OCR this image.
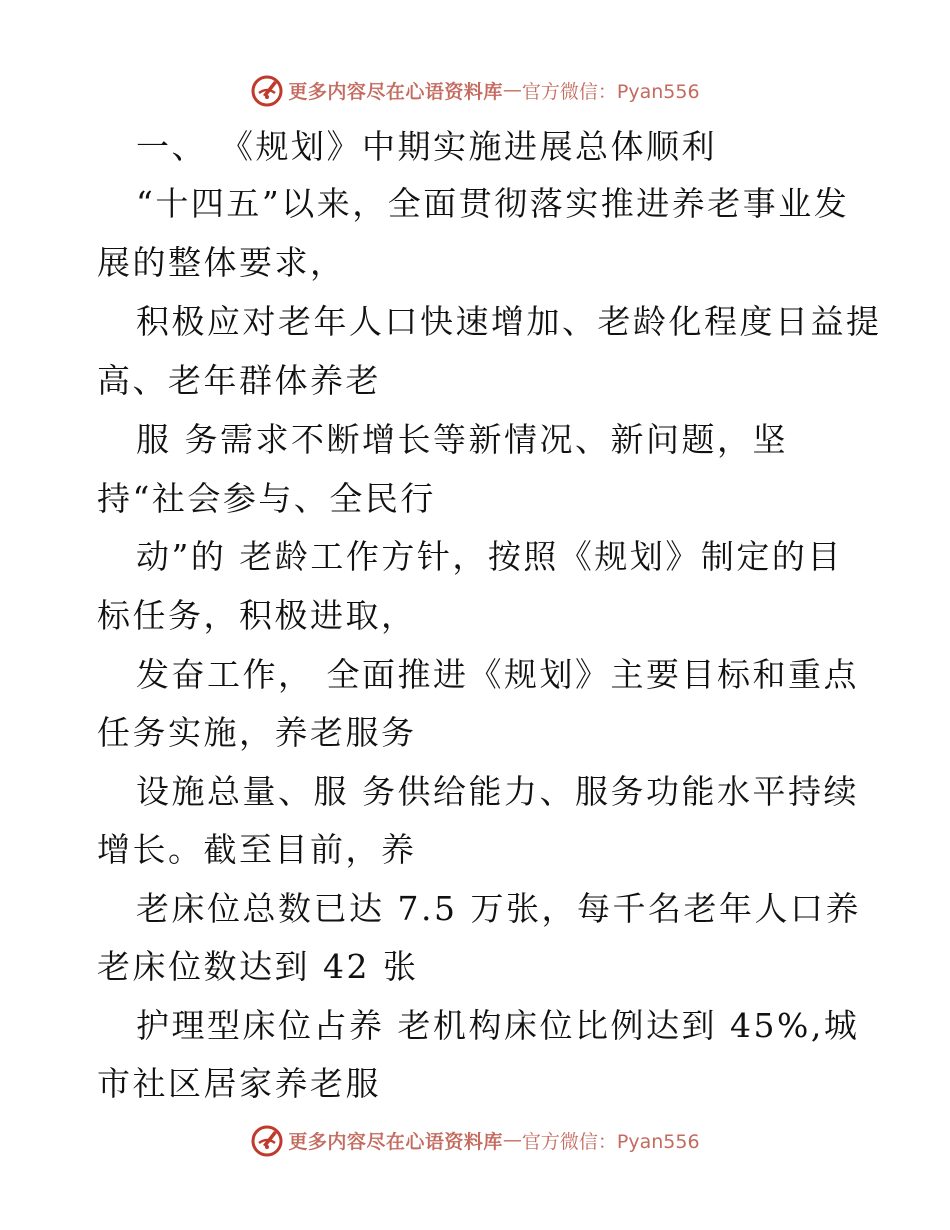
更多内容尽在心语资料库 — 官方微信：Pyan556
一、 《规划》中期实施进展总体顺利
“十四五”以来，全面贯彻落实推进养老事业发
展的整体要求，
积极应对老年人口快速增加、老龄化程度日益提
高、老年群体养老
服 务需求不断增长等新情况、新问题，坚
持“社会参与、全民行
动”的 老龄工作方针，按照《规划》制定的目
标任务，积极进取，
发奋工作， 全面推进《规划》主要目标和重点
任务实施，养老服务
设施总量、服 务供给能力、服务功能水平持续
增长。截至目前，养
老床位总数已达 7.5 万张，每千名老年人口养
老床位数达到 42 张
护理型床位占养 老机构床位比例达到 45%,城
市社区居家养老服
更多内容尽在心语资料库 — 官方微信：Pyan556
